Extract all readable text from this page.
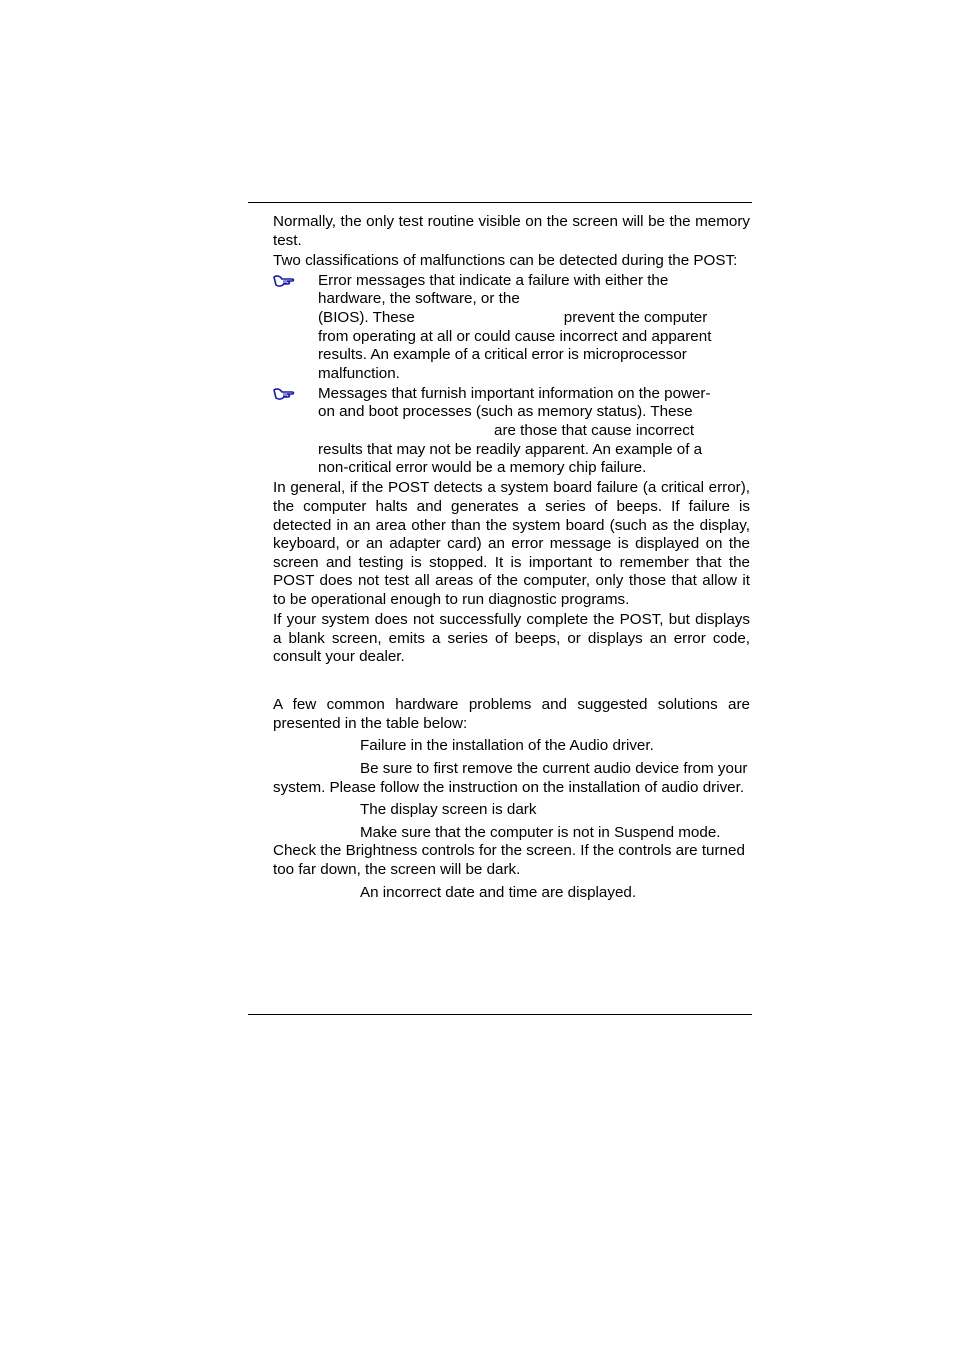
Normally, the only test routine visible on the screen will be the memory test.

Two classifications of malfunctions can be detected during the POST:

Error messages that indicate a failure with either the
hardware, the software, or the
(BIOS). These	prevent the computer
from operating at all or could cause incorrect and apparent
results. An example of a critical error is microprocessor
malfunction.
Messages that furnish important information on the power-
on and boot processes (such as memory status). These
are those that cause incorrect
results that may not be readily apparent. An example of a
non-critical error would be a memory chip failure.

In general, if the POST detects a system board failure (a critical error), the computer halts and generates a series of beeps. If failure is detected in an area other than the system board (such as the display, keyboard, or an adapter card) an error message is displayed on the screen and testing is stopped. It is important to remember that the POST does not test all areas of the computer, only those that allow it to be operational enough to run diagnostic programs.

If your system does not successfully complete the POST, but displays a blank screen, emits a series of beeps, or displays an error code, consult your dealer.

A few common hardware problems and suggested solutions are presented in the table below:

Failure in the installation of the Audio driver.

Be sure to first remove the current audio device from your system. Please follow the instruction on the installation of audio driver.

The display screen is dark

Make sure that the computer is not in Suspend mode. Check the Brightness controls for the screen. If the controls are turned too far down, the screen will be dark.

An incorrect date and time are displayed.
